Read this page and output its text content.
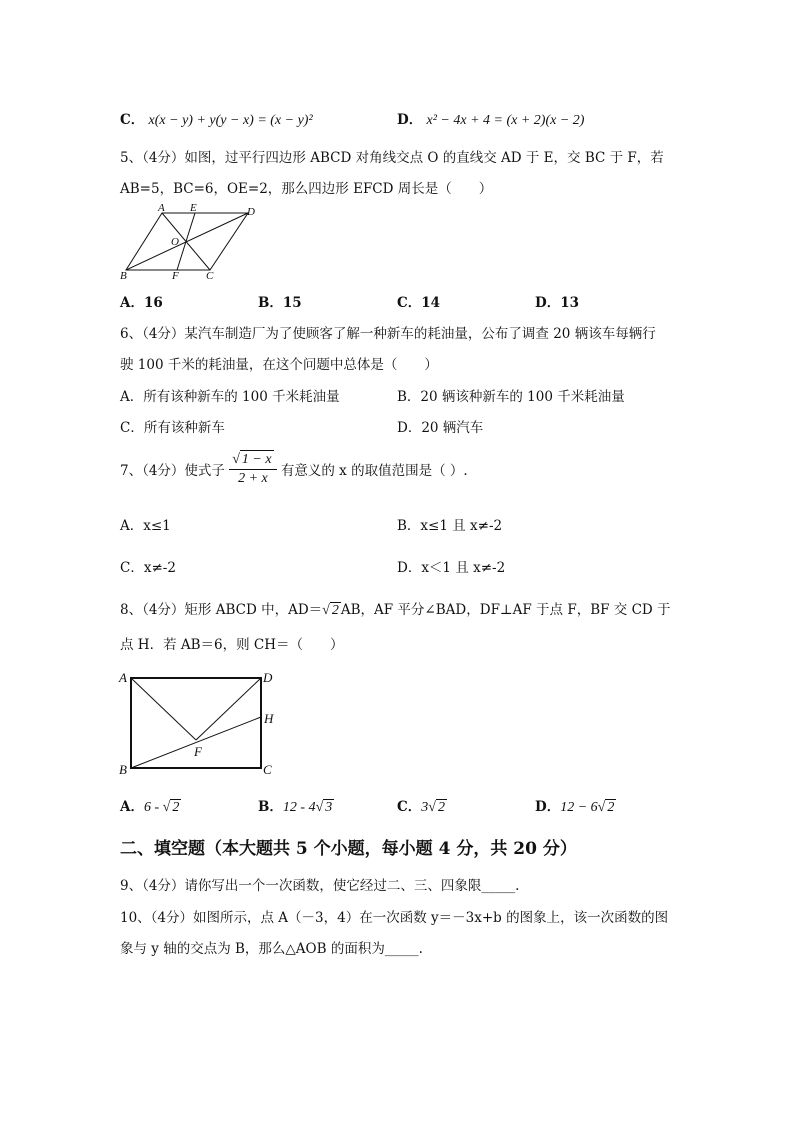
C． x(x − y) + y(y − x) = (x − y)²	D． x² − 4x + 4 = (x + 2)(x − 2)
5、（4分）如图，过平行四边形 ABCD 对角线交点 O 的直线交 AD 于 E，交 BC 于 F，若
AB=5，BC=6，OE=2，那么四边形 EFCD 周长是（　　）
A E	D
O
B	F C
A．16	B．15	C．14	D．13
6、（4分）某汽车制造厂为了使顾客了解一种新车的耗油量，公布了调查 20 辆该车每辆行
驶 100 千米的耗油量，在这个问题中总体是（　　）
A．所有该种新车的 100 千米耗油量	B．20 辆该种新车的 100 千米耗油量
C．所有该种新车	D．20 辆汽车
7、（4分）使式子 $\frac{√ 1 - x}{2 + x}$ 有意义的 x 的取值范围是（ ）.
A．x≤1	B．x≤1 且 x≠-2
C．x≠-2	D．x＜1 且 x≠-2
8、（4分）矩形 ABCD 中，AD＝√ 2 AB，AF 平分∠BAD，DF⊥AF 于点 F，BF 交 CD 于
点 H．若 AB＝6，则 CH＝（　　）
A	D
H
F
B	C
A．6 - √ 2	B．12 - 4√ 3	C．3√ 2	D．12 − 6√ 2
二、填空题（本大题共 5 个小题，每小题 4 分，共 20 分）
9、（4分）请你写出一个一次函数，使它经过二、三、四象限_____.
10、（4分）如图所示，点 A（－3，4）在一次函数 y＝－3x+b 的图象上，该一次函数的图
象与 y 轴的交点为 B，那么△AOB 的面积为_____.
